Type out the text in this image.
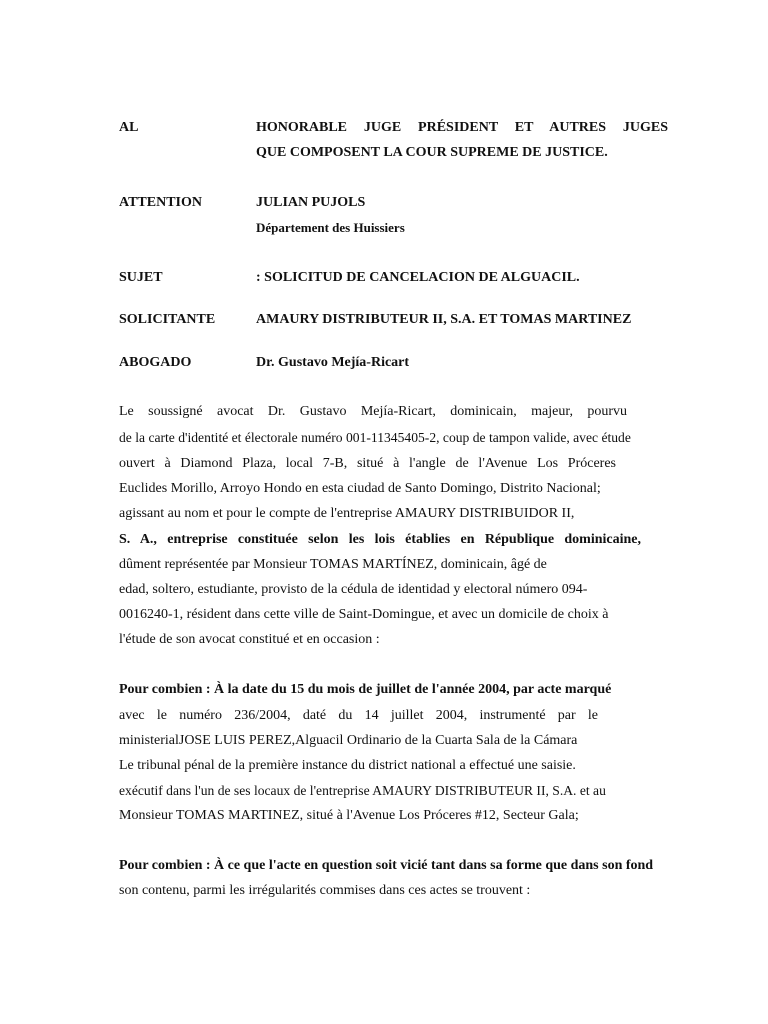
AL	HONORABLE JUGE PRÉSIDENT ET AUTRES JUGES
QUE COMPOSENT LA COUR SUPREME DE JUSTICE.
ATTENTION	JULIAN PUJOLS
Département des Huissiers
SUJET	: SOLICITUD DE CANCELACION DE ALGUACIL.
SOLICITANTE	AMAURY DISTRIBUTEUR II, S.A. ET TOMAS MARTINEZ
ABOGADO	Dr. Gustavo Mejía-Ricart
Le soussigné avocat Dr. Gustavo Mejía-Ricart, dominicain, majeur, pourvu
de la carte d'identité et électorale numéro 001-11345405-2, coup de tampon valide, avec étude
ouvert à Diamond Plaza, local 7-B, situé à l'angle de l'Avenue Los Próceres
Euclides Morillo, Arroyo Hondo en esta ciudad de Santo Domingo, Distrito Nacional;
agissant au nom et pour le compte de l'entreprise AMAURY DISTRIBUIDOR II,
S. A., entreprise constituée selon les lois établies en République dominicaine,
dûment représentée par Monsieur TOMAS MARTÍNEZ, dominicain, âgé de
edad, soltero, estudiante, provisto de la cédula de identidad y electoral número 094-
0016240-1, résident dans cette ville de Saint-Domingue, et avec un domicile de choix à
l'étude de son avocat constitué et en occasion :
Pour combien : À la date du 15 du mois de juillet de l'année 2004, par acte marqué
avec le numéro 236/2004, daté du 14 juillet 2004, instrumenté par le
ministerialJOSE LUIS PEREZ,Alguacil Ordinario de la Cuarta Sala de la Cámara
Le tribunal pénal de la première instance du district national a effectué une saisie.
exécutif dans l'un de ses locaux de l'entreprise AMAURY DISTRIBUTEUR II, S.A. et au
Monsieur TOMAS MARTINEZ, situé à l'Avenue Los Próceres #12, Secteur Gala;
Pour combien : À ce que l'acte en question soit vicié tant dans sa forme que dans son fond
son contenu, parmi les irrégularités commises dans ces actes se trouvent :
